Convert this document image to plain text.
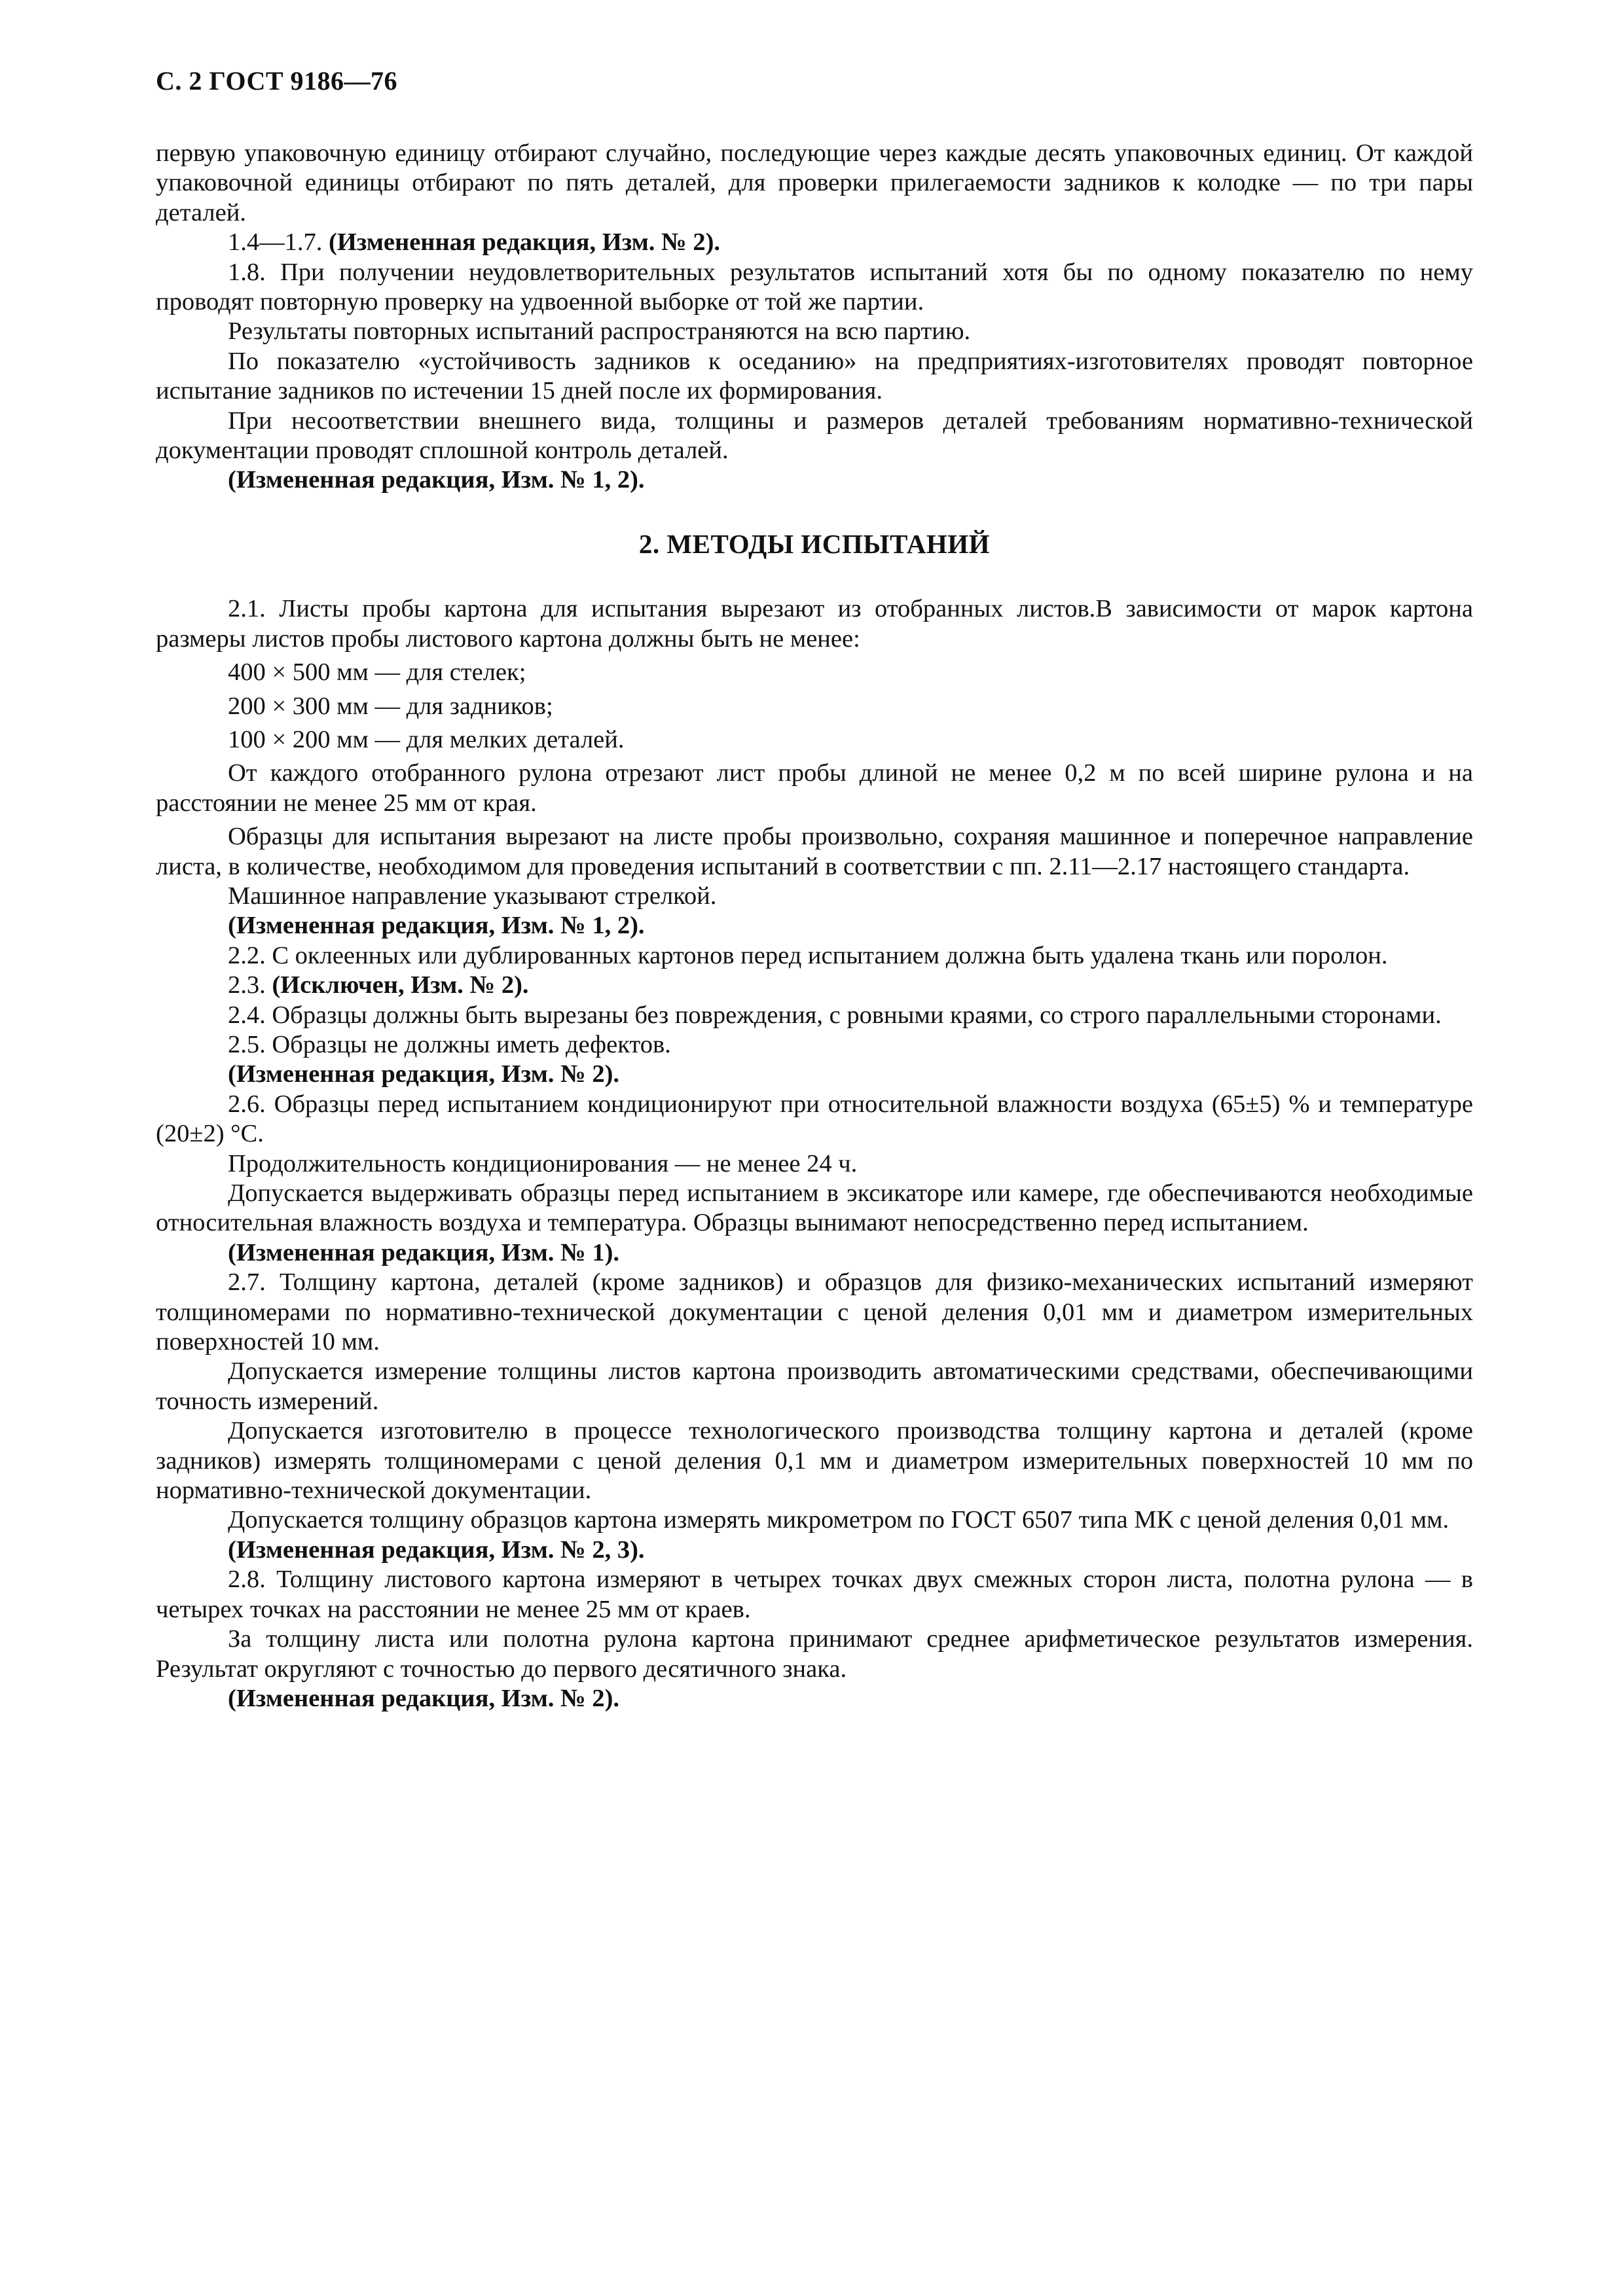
С. 2 ГОСТ 9186—76

первую упаковочную единицу отбирают случайно, последующие через каждые десять упаковочных единиц. От каждой упаковочной единицы отбирают по пять деталей, для проверки прилегаемости задников к колодке — по три пары деталей.

1.4—1.7. (Измененная редакция, Изм. № 2).

1.8. При получении неудовлетворительных результатов испытаний хотя бы по одному показателю по нему проводят повторную проверку на удвоенной выборке от той же партии.

Результаты повторных испытаний распространяются на всю партию.

По показателю «устойчивость задников к оседанию» на предприятиях-изготовителях проводят повторное испытание задников по истечении 15 дней после их формирования.

При несоответствии внешнего вида, толщины и размеров деталей требованиям нормативно-технической документации проводят сплошной контроль деталей.

(Измененная редакция, Изм. № 1, 2).

2. МЕТОДЫ ИСПЫТАНИЙ

2.1. Листы пробы картона для испытания вырезают из отобранных листов.В зависимости от марок картона размеры листов пробы листового картона должны быть не менее:

400 × 500 мм — для стелек;

200 × 300 мм — для задников;

100 × 200 мм — для мелких деталей.

От каждого отобранного рулона отрезают лист пробы длиной не менее 0,2 м по всей ширине рулона и на расстоянии не менее 25 мм от края.

Образцы для испытания вырезают на листе пробы произвольно, сохраняя машинное и поперечное направление листа, в количестве, необходимом для проведения испытаний в соответствии с пп. 2.11—2.17 настоящего стандарта.

Машинное направление указывают стрелкой.

(Измененная редакция, Изм. № 1, 2).

2.2. С оклеенных или дублированных картонов перед испытанием должна быть удалена ткань или поролон.

2.3. (Исключен, Изм. № 2).

2.4. Образцы должны быть вырезаны без повреждения, с ровными краями, со строго параллельными сторонами.

2.5. Образцы не должны иметь дефектов.

(Измененная редакция, Изм. № 2).

2.6. Образцы перед испытанием кондиционируют при относительной влажности воздуха (65±5) % и температуре (20±2) °С.

Продолжительность кондиционирования — не менее 24 ч.

Допускается выдерживать образцы перед испытанием в эксикаторе или камере, где обеспечиваются необходимые относительная влажность воздуха и температура. Образцы вынимают непосредственно перед испытанием.

(Измененная редакция, Изм. № 1).

2.7. Толщину картона, деталей (кроме задников) и образцов для физико-механических испытаний измеряют толщиномерами по нормативно-технической документации с ценой деления 0,01 мм и диаметром измерительных поверхностей 10 мм.

Допускается измерение толщины листов картона производить автоматическими средствами, обеспечивающими точность измерений.

Допускается изготовителю в процессе технологического производства толщину картона и деталей (кроме задников) измерять толщиномерами с ценой деления 0,1 мм и диаметром измерительных поверхностей 10 мм по нормативно-технической документации.

Допускается толщину образцов картона измерять микрометром по ГОСТ 6507 типа МК с ценой деления 0,01 мм.

(Измененная редакция, Изм. № 2, 3).

2.8. Толщину листового картона измеряют в четырех точках двух смежных сторон листа, полотна рулона — в четырех точках на расстоянии не менее 25 мм от краев.

За толщину листа или полотна рулона картона принимают среднее арифметическое результатов измерения. Результат округляют с точностью до первого десятичного знака.

(Измененная редакция, Изм. № 2).
